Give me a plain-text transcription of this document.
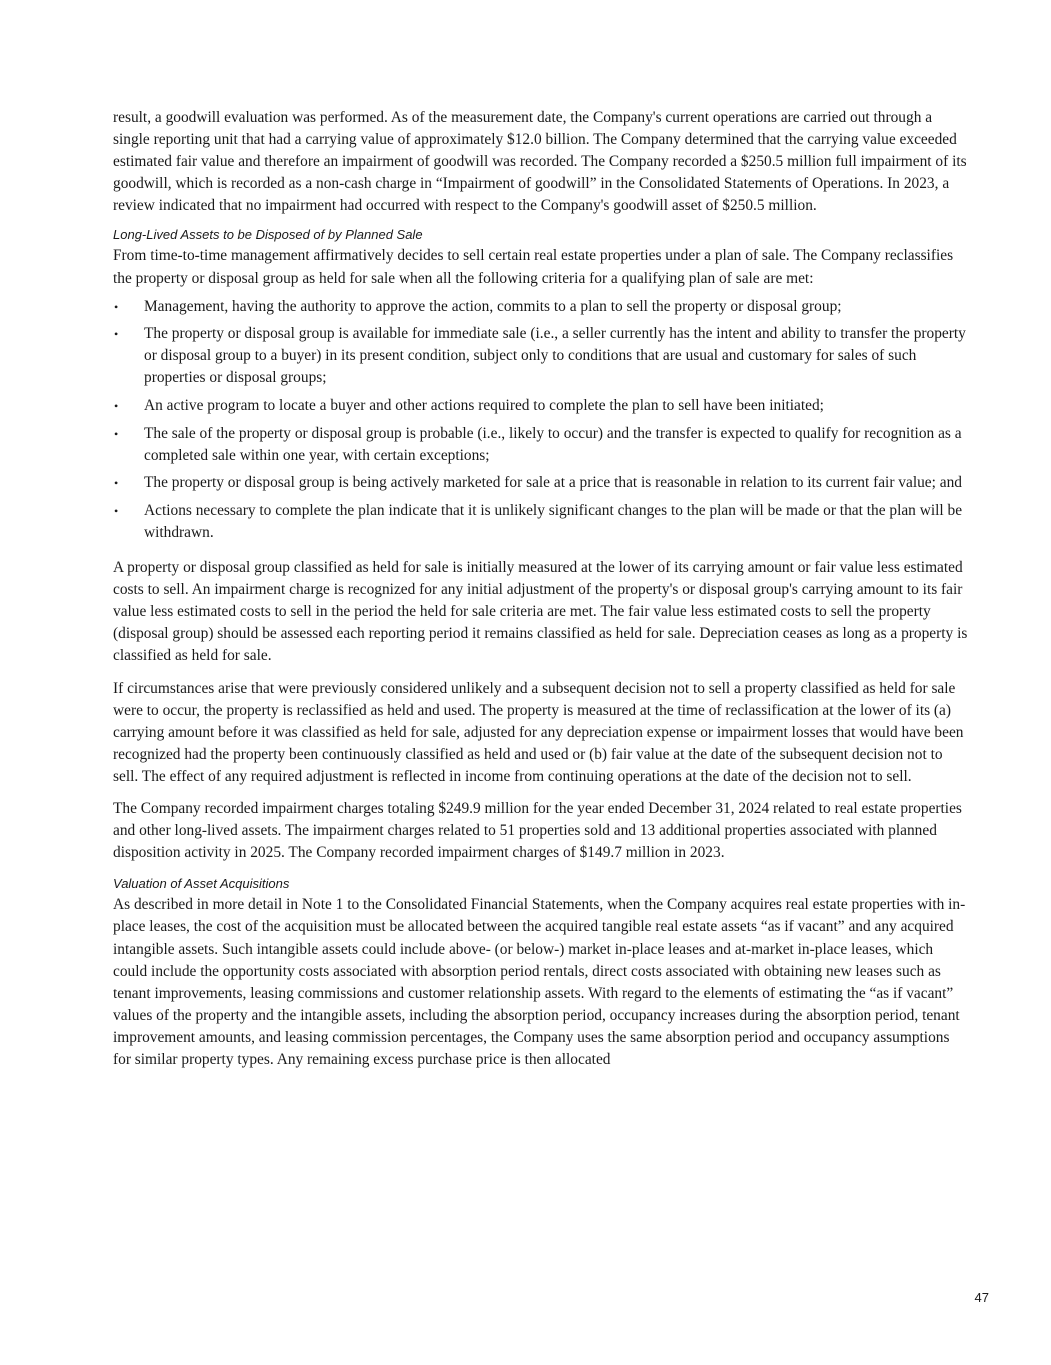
result, a goodwill evaluation was performed. As of the measurement date, the Company's current operations are carried out through a single reporting unit that had a carrying value of approximately $12.0 billion. The Company determined that the carrying value exceeded estimated fair value and therefore an impairment of goodwill was recorded. The Company recorded a $250.5 million full impairment of its goodwill, which is recorded as a non-cash charge in “Impairment of goodwill” in the Consolidated Statements of Operations. In 2023, a review indicated that no impairment had occurred with respect to the Company's goodwill asset of $250.5 million.

Long-Lived Assets to be Disposed of by Planned Sale

From time-to-time management affirmatively decides to sell certain real estate properties under a plan of sale. The Company reclassifies the property or disposal group as held for sale when all the following criteria for a qualifying plan of sale are met:

• Management, having the authority to approve the action, commits to a plan to sell the property or disposal group;
• The property or disposal group is available for immediate sale (i.e., a seller currently has the intent and ability to transfer the property or disposal group to a buyer) in its present condition, subject only to conditions that are usual and customary for sales of such properties or disposal groups;
• An active program to locate a buyer and other actions required to complete the plan to sell have been initiated;
• The sale of the property or disposal group is probable (i.e., likely to occur) and the transfer is expected to qualify for recognition as a completed sale within one year, with certain exceptions;
• The property or disposal group is being actively marketed for sale at a price that is reasonable in relation to its current fair value; and
• Actions necessary to complete the plan indicate that it is unlikely significant changes to the plan will be made or that the plan will be withdrawn.

A property or disposal group classified as held for sale is initially measured at the lower of its carrying amount or fair value less estimated costs to sell. An impairment charge is recognized for any initial adjustment of the property's or disposal group's carrying amount to its fair value less estimated costs to sell in the period the held for sale criteria are met. The fair value less estimated costs to sell the property (disposal group) should be assessed each reporting period it remains classified as held for sale. Depreciation ceases as long as a property is classified as held for sale.

If circumstances arise that were previously considered unlikely and a subsequent decision not to sell a property classified as held for sale were to occur, the property is reclassified as held and used. The property is measured at the time of reclassification at the lower of its (a) carrying amount before it was classified as held for sale, adjusted for any depreciation expense or impairment losses that would have been recognized had the property been continuously classified as held and used or (b) fair value at the date of the subsequent decision not to sell. The effect of any required adjustment is reflected in income from continuing operations at the date of the decision not to sell.

The Company recorded impairment charges totaling $249.9 million for the year ended December 31, 2024 related to real estate properties and other long-lived assets. The impairment charges related to 51 properties sold and 13 additional properties associated with planned disposition activity in 2025. The Company recorded impairment charges of $149.7 million in 2023.

Valuation of Asset Acquisitions

As described in more detail in Note 1 to the Consolidated Financial Statements, when the Company acquires real estate properties with in-place leases, the cost of the acquisition must be allocated between the acquired tangible real estate assets “as if vacant” and any acquired intangible assets. Such intangible assets could include above- (or below-) market in-place leases and at-market in-place leases, which could include the opportunity costs associated with absorption period rentals, direct costs associated with obtaining new leases such as tenant improvements, leasing commissions and customer relationship assets. With regard to the elements of estimating the “as if vacant” values of the property and the intangible assets, including the absorption period, occupancy increases during the absorption period, tenant improvement amounts, and leasing commission percentages, the Company uses the same absorption period and occupancy assumptions for similar property types. Any remaining excess purchase price is then allocated

47
